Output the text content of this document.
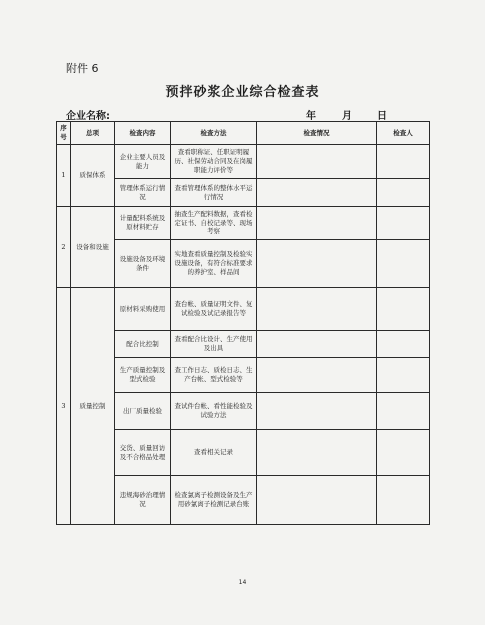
附件 6
预拌砂浆企业综合检查表
企业名称:	年	月	日
序号	总项	检查内容	检查方法	检查情况	检查人
1	质保体系	企业主要人员及能力	查看职称证、任职证明履历、社保劳动合同及在岗履职能力评价等		
		管理体系运行情况	查看管理体系的整体水平运行情况		
2	设备和设施	计量配料系统及原材料贮存	抽查生产配料数据，查看检定证书、自校记录等、现场考察		
		设施设备及环境条件	实地查看质量控制及检验实设施设备，有符合标准要求的养护室、样品间		
3	质量控制	原材料采购使用	查台帐、质量证明文件、复试检验及试记录报告等		
		配合比控制	查看配合比设计、生产使用及出具		
		生产质量控制及型式检验	查工作日志、质检日志、生产台帐、型式检验等		
		出厂质量检验	查试件台帐、看性能检验及试验方法		
		交货、质量回访及不合格品处理	查看相关记录		
		违规海砂治理情况	检查氯离子检测设备及生产用砂氯离子检测记录台账		
14
